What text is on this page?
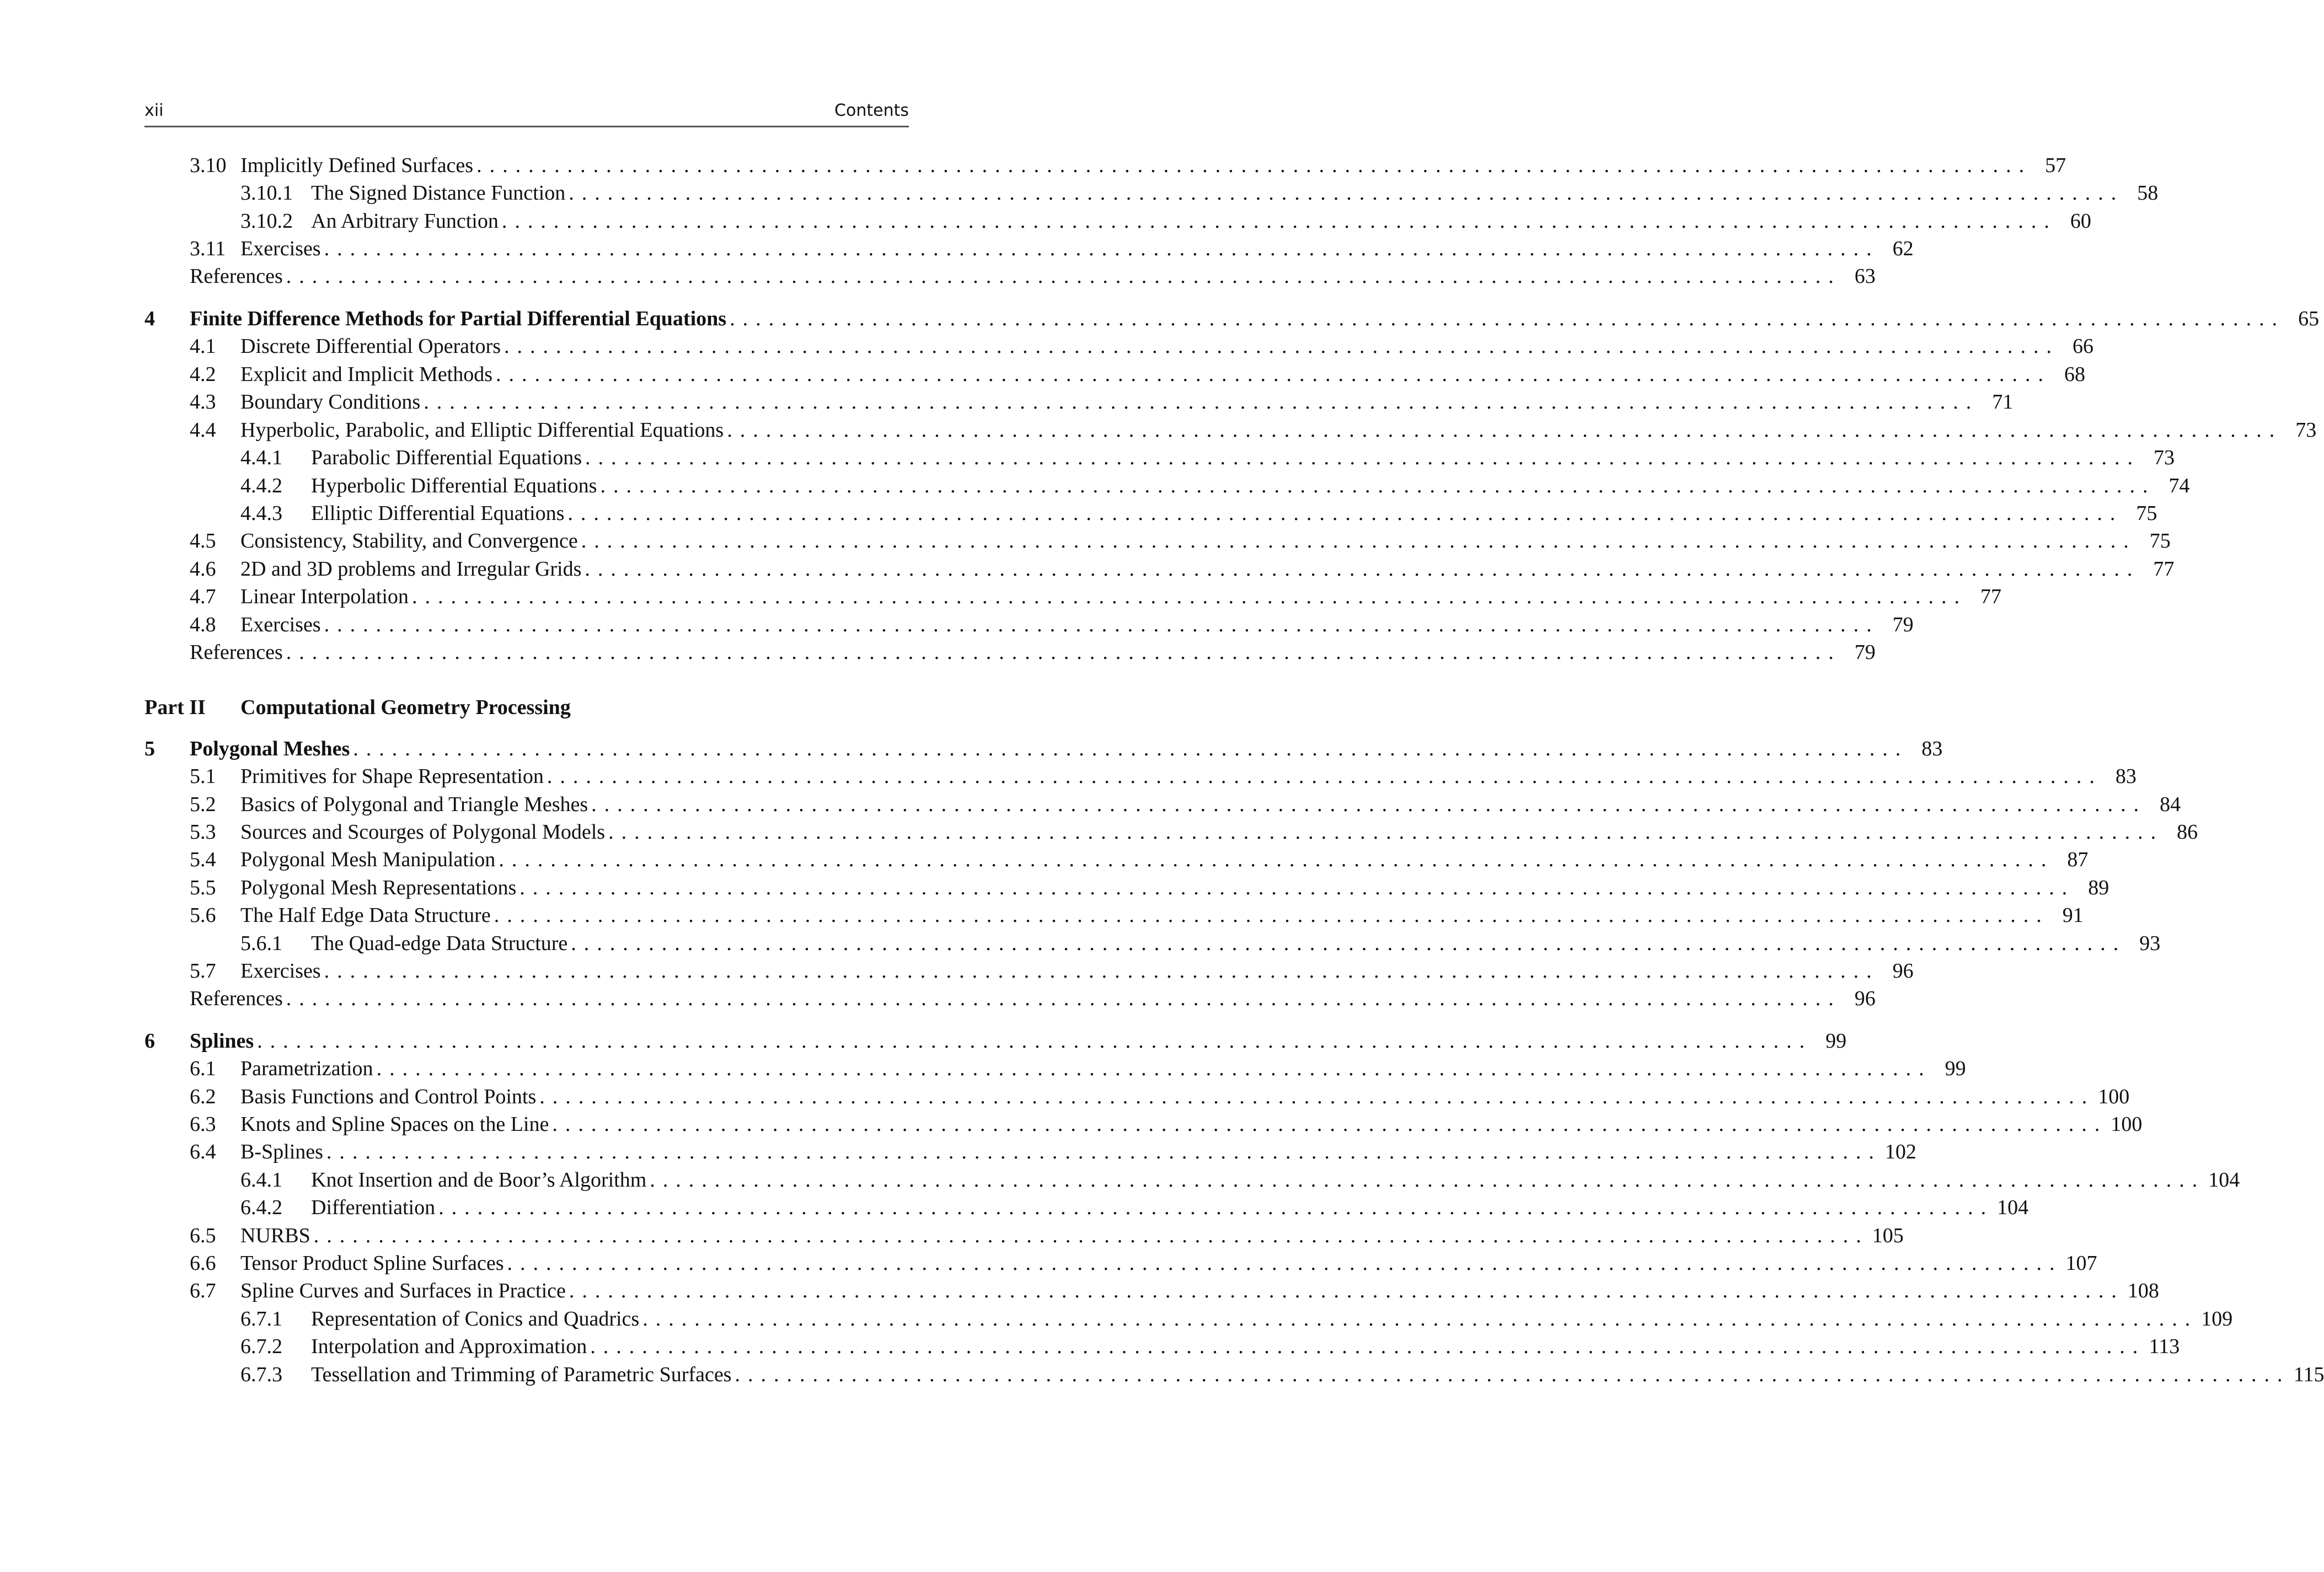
xii	Contents
Part II Computational Geometry Processing
3.10 Implicitly Defined Surfaces ........................................................................................................................ 57
3.10.1 The Signed Distance Function ........................................................................................................................ 58
3.10.2 An Arbitrary Function ........................................................................................................................ 60
3.11 Exercises ........................................................................................................................ 62
References ........................................................................................................................ 63
4 Finite Difference Methods for Partial Differential Equations ........................................................................................................................ 65
4.1 Discrete Differential Operators ........................................................................................................................ 66
4.2 Explicit and Implicit Methods ........................................................................................................................ 68
4.3 Boundary Conditions ........................................................................................................................ 71
4.4 Hyperbolic, Parabolic, and Elliptic Differential Equations ........................................................................................................................ 73
4.4.1 Parabolic Differential Equations ........................................................................................................................ 73
4.4.2 Hyperbolic Differential Equations ........................................................................................................................ 74
4.4.3 Elliptic Differential Equations ........................................................................................................................ 75
4.5 Consistency, Stability, and Convergence ........................................................................................................................ 75
4.6 2D and 3D problems and Irregular Grids ........................................................................................................................ 77
4.7 Linear Interpolation ........................................................................................................................ 77
4.8 Exercises ........................................................................................................................ 79
References ........................................................................................................................ 79
5 Polygonal Meshes ........................................................................................................................ 83
5.1 Primitives for Shape Representation ........................................................................................................................ 83
5.2 Basics of Polygonal and Triangle Meshes ........................................................................................................................ 84
5.3 Sources and Scourges of Polygonal Models ........................................................................................................................ 86
5.4 Polygonal Mesh Manipulation ........................................................................................................................ 87
5.5 Polygonal Mesh Representations ........................................................................................................................ 89
5.6 The Half Edge Data Structure ........................................................................................................................ 91
5.6.1 The Quad-edge Data Structure ........................................................................................................................ 93
5.7 Exercises ........................................................................................................................ 96
References ........................................................................................................................ 96
6 Splines ........................................................................................................................ 99
6.1 Parametrization ........................................................................................................................ 99
6.2 Basis Functions and Control Points ........................................................................................................................ 100
6.3 Knots and Spline Spaces on the Line ........................................................................................................................ 100
6.4 B-Splines ........................................................................................................................ 102
6.4.1 Knot Insertion and de Boor’s Algorithm ........................................................................................................................ 104
6.4.2 Differentiation ........................................................................................................................ 104
6.5 NURBS ........................................................................................................................ 105
6.6 Tensor Product Spline Surfaces ........................................................................................................................ 107
6.7 Spline Curves and Surfaces in Practice ........................................................................................................................ 108
6.7.1 Representation of Conics and Quadrics ........................................................................................................................ 109
6.7.2 Interpolation and Approximation ........................................................................................................................ 113
6.7.3 Tessellation and Trimming of Parametric Surfaces ........................................................................................................................ 115
